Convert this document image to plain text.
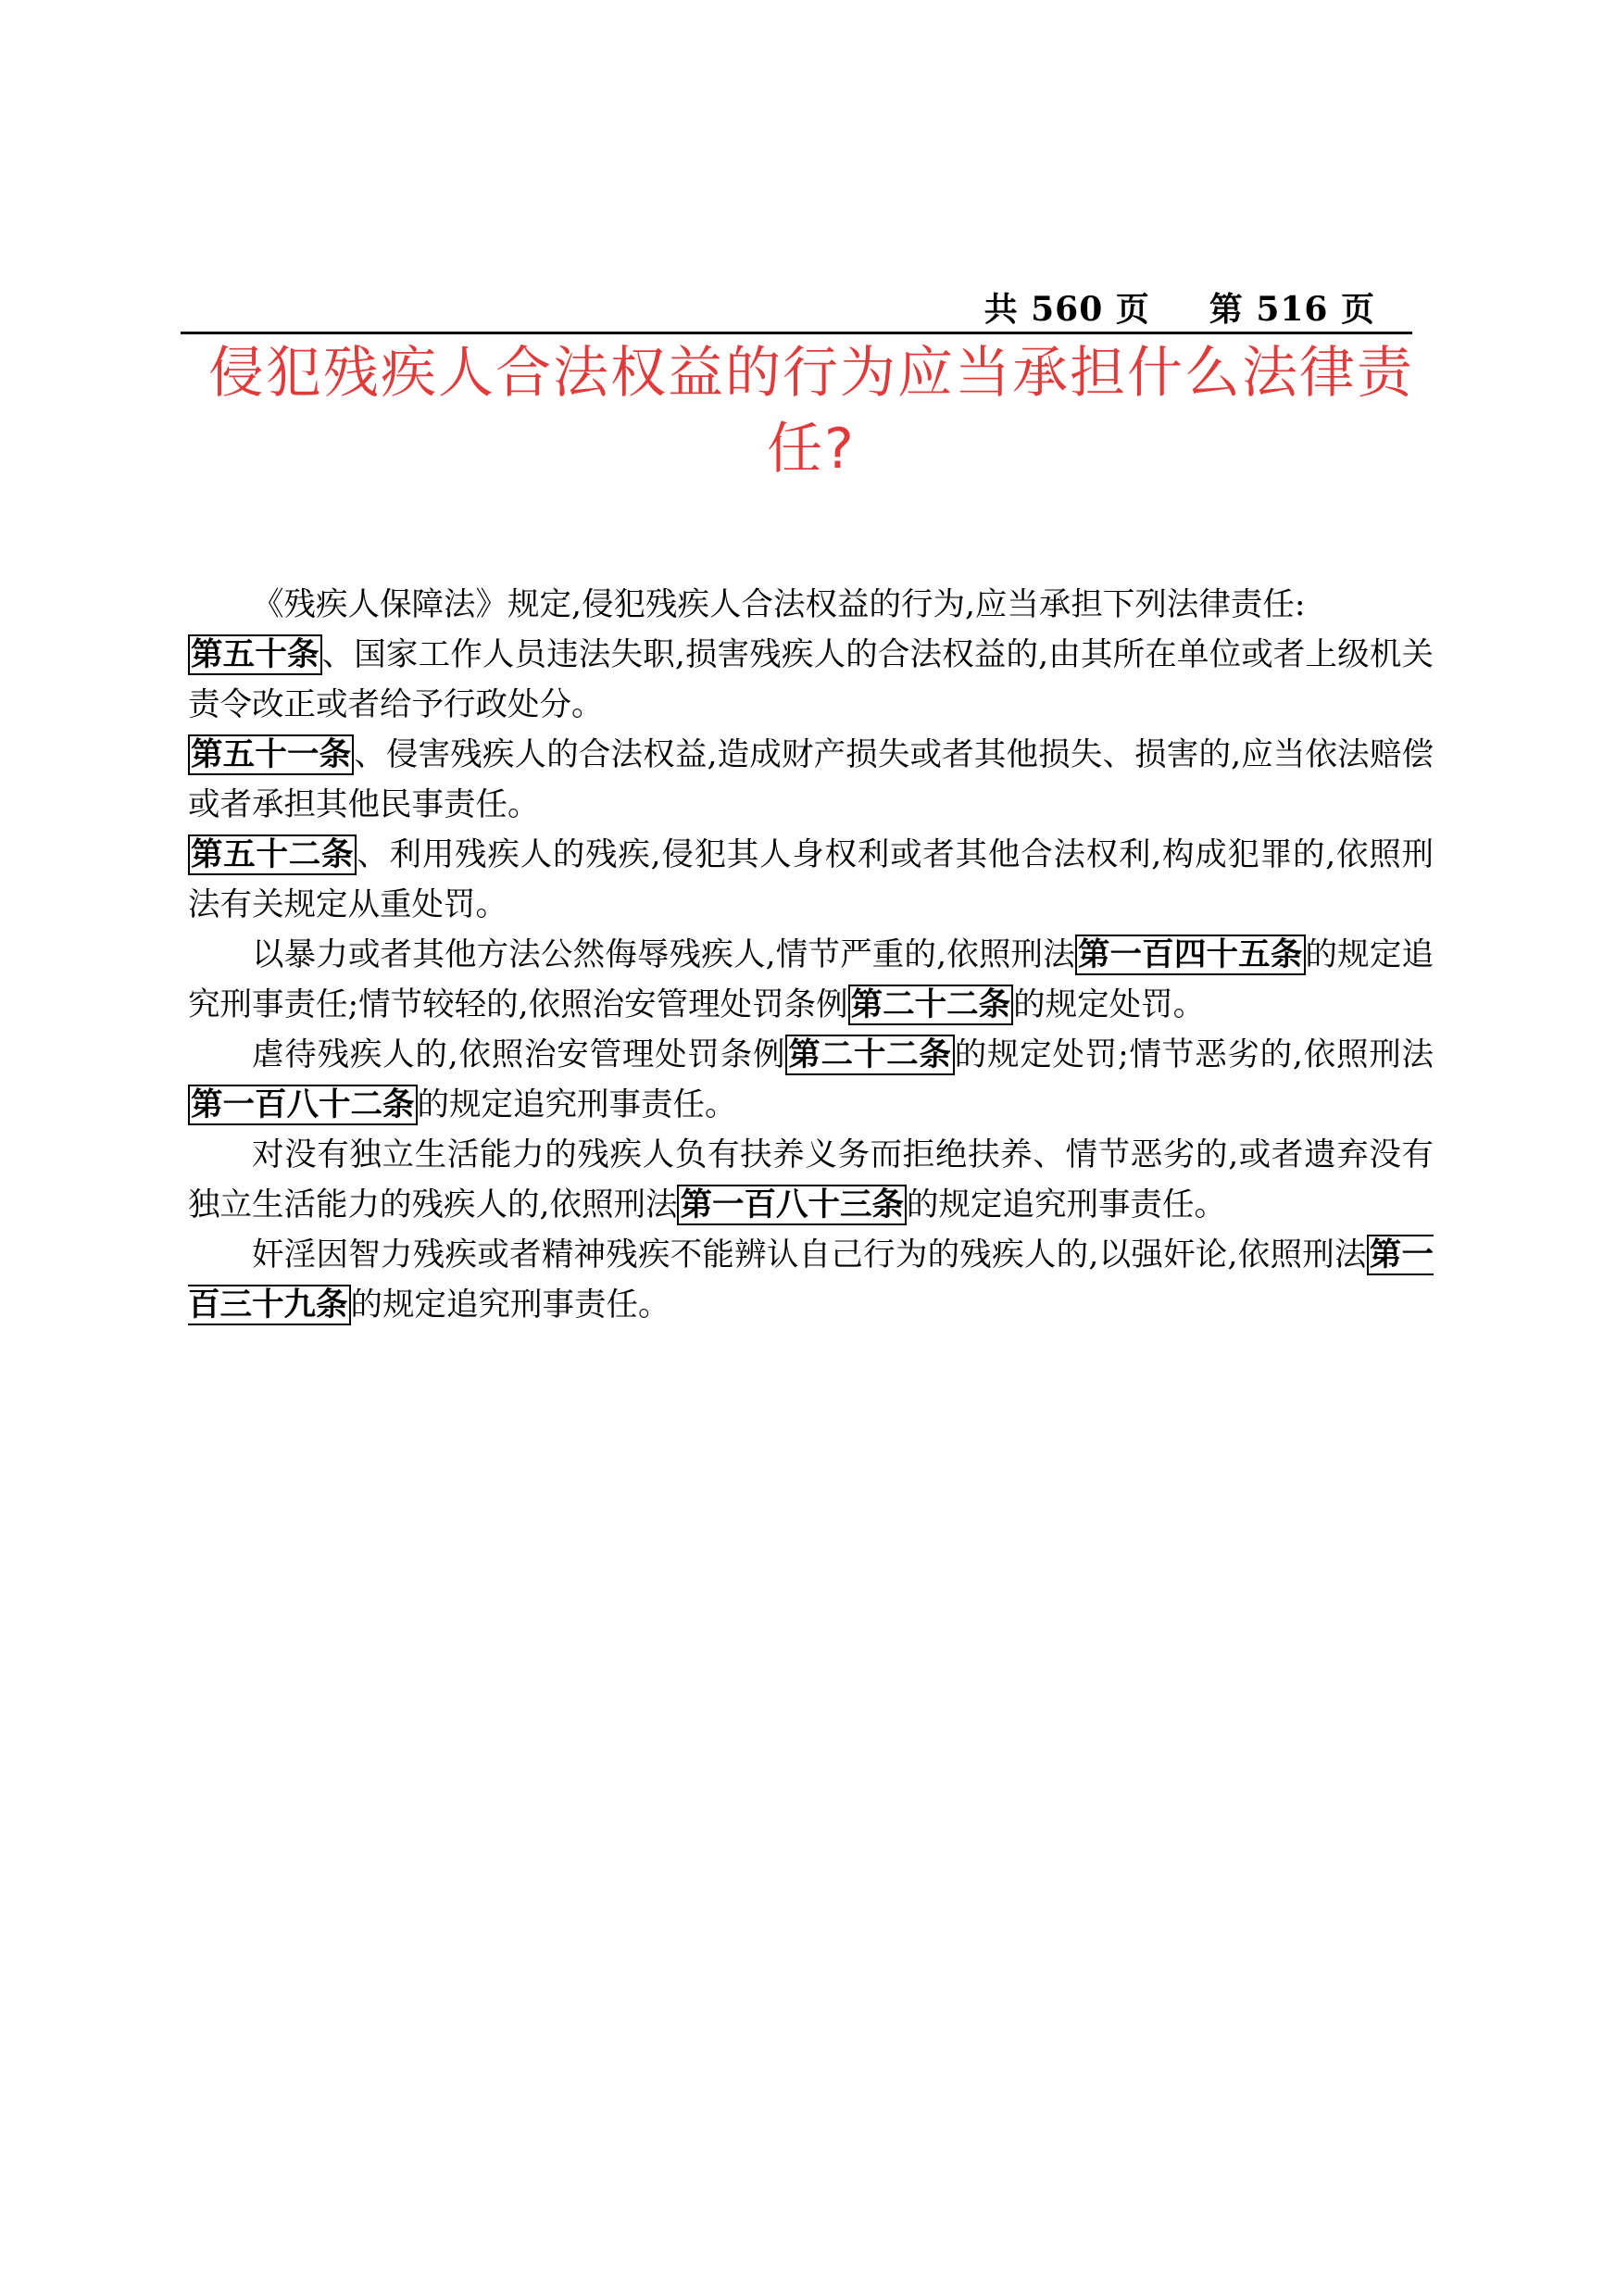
共 560 页 第 516 页
侵犯残疾人合法权益的行为应当承担什么法律责任?

《残疾人保障法》规定,侵犯残疾人合法权益的行为,应当承担下列法律责任:

第五十条、国家工作人员违法失职,损害残疾人的合法权益的,由其所在单位或者上级机关责令改正或者给予行政处分。

第五十一条、侵害残疾人的合法权益,造成财产损失或者其他损失、损害的,应当依法赔偿或者承担其他民事责任。

第五十二条、利用残疾人的残疾,侵犯其人身权利或者其他合法权利,构成犯罪的,依照刑法有关规定从重处罚。

以暴力或者其他方法公然侮辱残疾人,情节严重的,依照刑法第一百四十五条的规定追究刑事责任;情节较轻的,依照治安管理处罚条例第二十二条的规定处罚。

虐待残疾人的,依照治安管理处罚条例第二十二条的规定处罚;情节恶劣的,依照刑法第一百八十二条的规定追究刑事责任。

对没有独立生活能力的残疾人负有扶养义务而拒绝扶养、情节恶劣的,或者遗弃没有独立生活能力的残疾人的,依照刑法第一百八十三条的规定追究刑事责任。

奸淫因智力残疾或者精神残疾不能辨认自己行为的残疾人的,以强奸论,依照刑法第一百三十九条的规定追究刑事责任。
